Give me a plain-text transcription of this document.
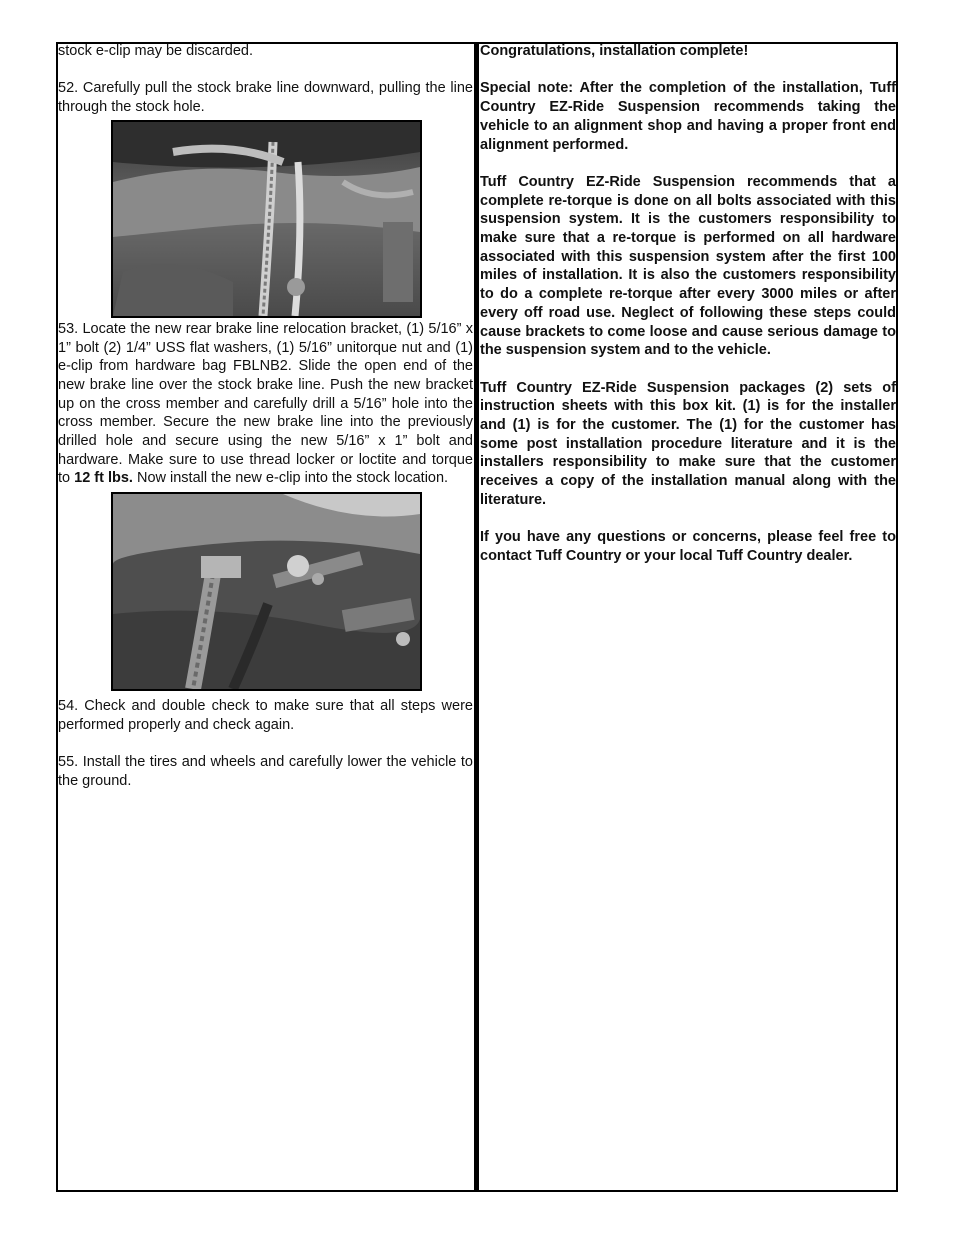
stock e-clip may be discarded.

52. Carefully pull the stock brake line downward, pulling the line through the stock hole.

53. Locate the new rear brake line relocation bracket, (1) 5/16” x 1” bolt (2) 1/4” USS flat washers, (1) 5/16” unitorque nut and (1) e-clip from hardware bag FBLNB2. Slide the open end of the new brake line over the stock brake line. Push the new bracket up on the cross member and carefully drill a 5/16” hole into the cross member. Secure the new brake line into the previously drilled hole and secure using the new 5/16” x 1” bolt and hardware. Make sure to use thread locker or loctite and torque to 12 ft lbs. Now install the new e-clip into the stock location.

54. Check and double check to make sure that all steps were performed properly and check again.

55. Install the tires and wheels and carefully lower the vehicle to the ground.

Congratulations, installation complete!

Special note: After the completion of the installation, Tuff Country EZ-Ride Suspension recommends taking the vehicle to an alignment shop and having a proper front end alignment performed.

Tuff Country EZ-Ride Suspension recommends that a complete re-torque is done on all bolts associated with this suspension system. It is the customers responsibility to make sure that a re-torque is performed on all hardware associated with this suspension system after the first 100 miles of installation. It is also the customers responsibility to do a complete re-torque after every 3000 miles or after every off road use. Neglect of following these steps could cause brackets to come loose and cause serious damage to the suspension system and to the vehicle.

Tuff Country EZ-Ride Suspension packages (2) sets of instruction sheets with this box kit. (1) is for the installer and (1) is for the customer. The (1) for the customer has some post installation procedure literature and it is the installers responsibility to make sure that the customer receives a copy of the installation manual along with the literature.

If you have any questions or concerns, please feel free to contact Tuff Country or your local Tuff Country dealer.
